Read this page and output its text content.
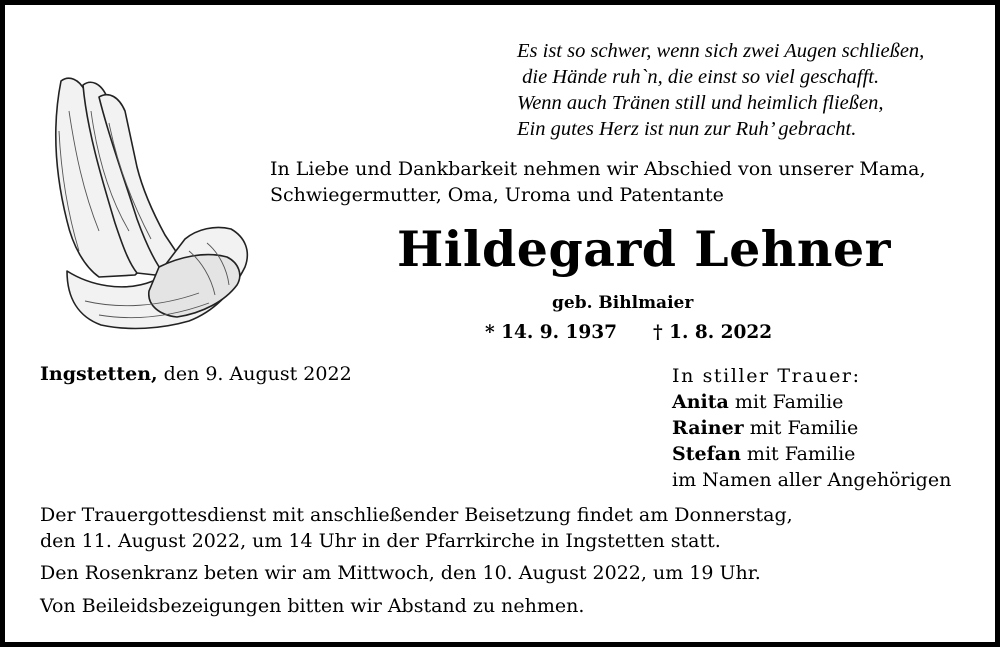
Es ist so schwer, wenn sich zwei Augen schließen,
die Hände ruh`n, die einst so viel geschafft.
Wenn auch Tränen still und heimlich fließen,
Ein gutes Herz ist nun zur Ruh’ gebracht.
In Liebe und Dankbarkeit nehmen wir Abschied von unserer Mama,
Schwiegermutter, Oma, Uroma und Patentante
Hildegard Lehner
geb. Bihlmaier
* 14. 9. 1937 † 1. 8. 2022
Ingstetten, den 9. August 2022	In stiller Trauer:
Anita mit Familie
Rainer mit Familie
Stefan mit Familie
im Namen aller Angehörigen
Der Trauergottesdienst mit anschließender Beisetzung findet am Donnerstag,
den 11. August 2022, um 14 Uhr in der Pfarrkirche in Ingstetten statt.
Den Rosenkranz beten wir am Mittwoch, den 10. August 2022, um 19 Uhr.
Von Beileidsbezeigungen bitten wir Abstand zu nehmen.
